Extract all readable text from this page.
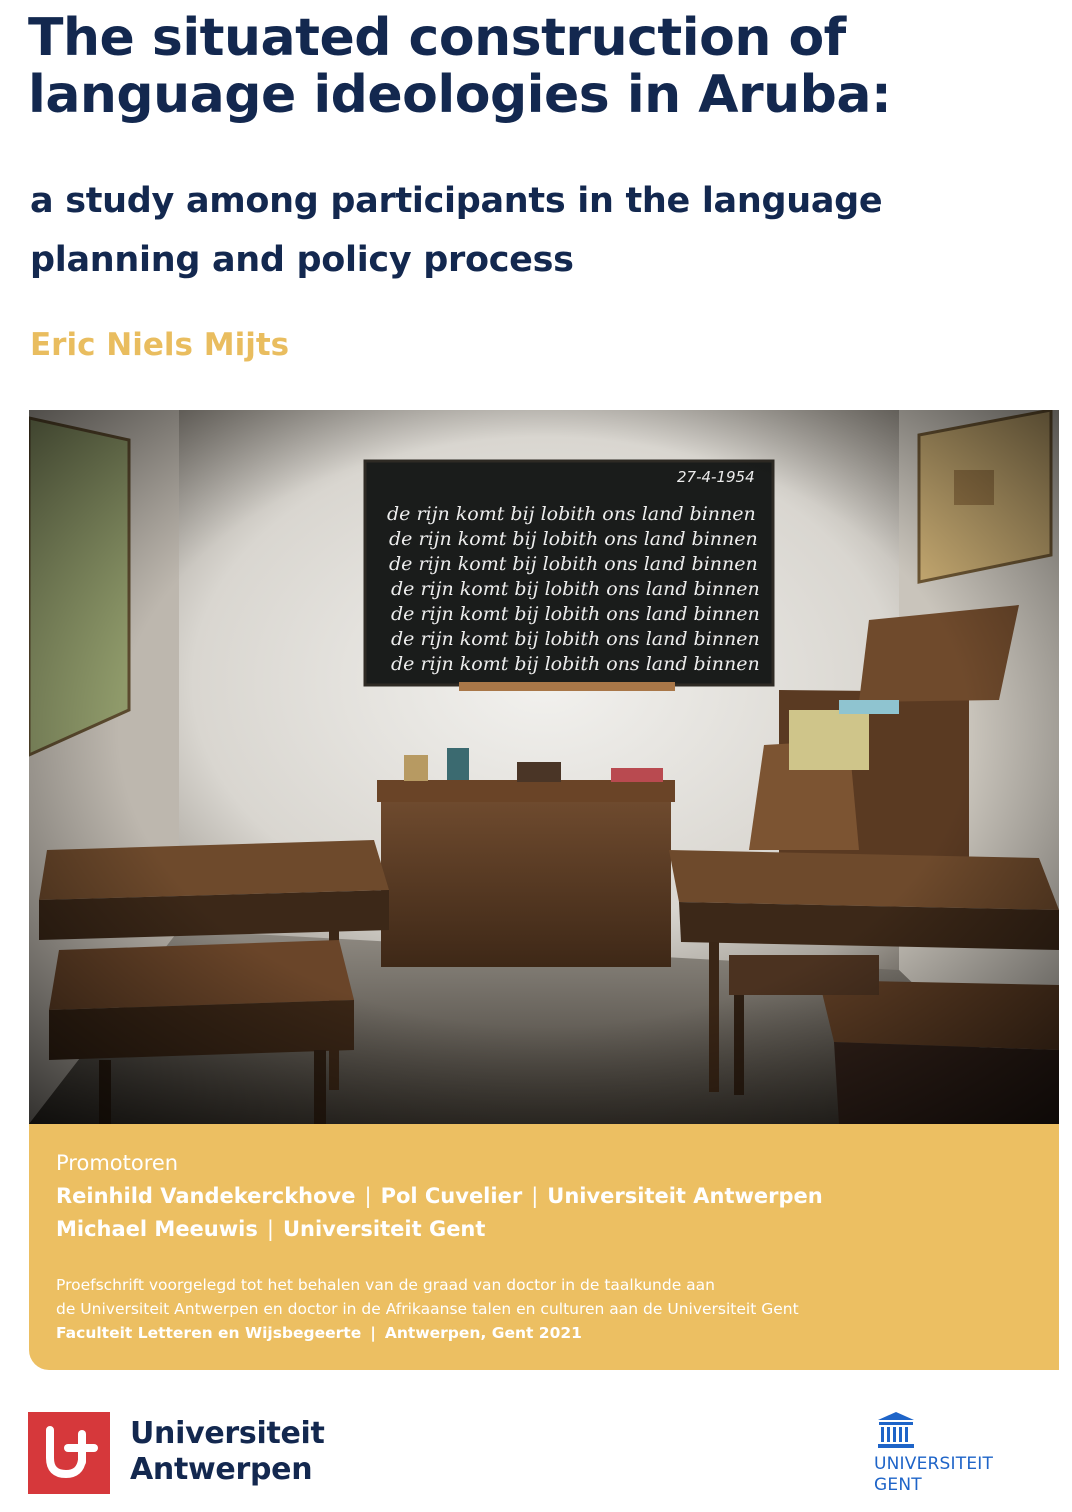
The situated construction of
language ideologies in Aruba:
a study among participants in the language
planning and policy process
Eric Niels Mijts
Promotoren
Reinhild Vandekerckhove | Pol Cuvelier | Universiteit Antwerpen
Michael Meeuwis | Universiteit Gent
Proefschrift voorgelegd tot het behalen van de graad van doctor in de taalkunde aan
de Universiteit Antwerpen en doctor in de Afrikaanse talen en culturen aan de Universiteit Gent
Faculteit Letteren en Wijsbegeerte | Antwerpen, Gent 2021
Universiteit
Antwerpen	UNIVERSITEIT
GENT
